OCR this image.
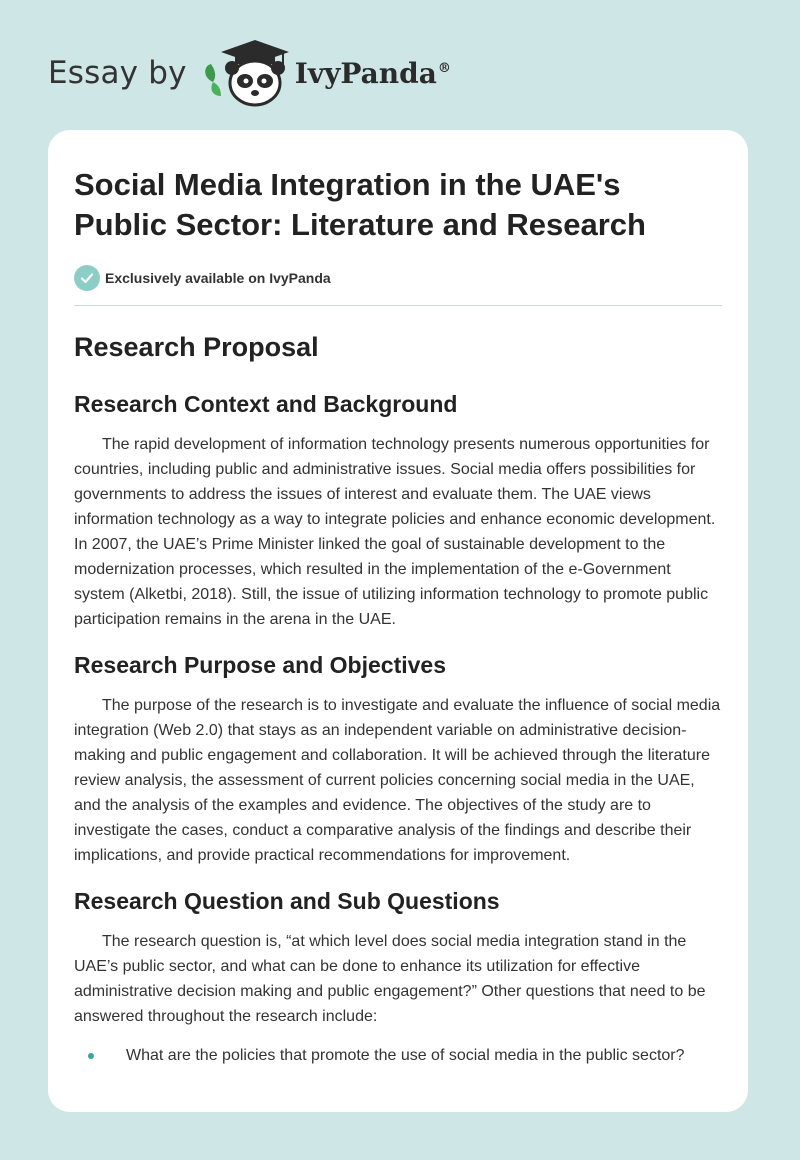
Essay by	IvyPanda®
Social Media Integration in the UAE's Public Sector: Literature and Research
Exclusively available on IvyPanda
Research Proposal
Research Context and Background

The rapid development of information technology presents numerous opportunities for countries, including public and administrative issues. Social media offers possibilities for governments to address the issues of interest and evaluate them. The UAE views information technology as a way to integrate policies and enhance economic development. In 2007, the UAE’s Prime Minister linked the goal of sustainable development to the modernization processes, which resulted in the implementation of the e-Government system (Alketbi, 2018). Still, the issue of utilizing information technology to promote public participation remains in the arena in the UAE.

Research Purpose and Objectives

The purpose of the research is to investigate and evaluate the influence of social media integration (Web 2.0) that stays as an independent variable on administrative decision-making and public engagement and collaboration. It will be achieved through the literature review analysis, the assessment of current policies concerning social media in the UAE, and the analysis of the examples and evidence. The objectives of the study are to investigate the cases, conduct a comparative analysis of the findings and describe their implications, and provide practical recommendations for improvement.

Research Question and Sub Questions

The research question is, “at which level does social media integration stand in the UAE’s public sector, and what can be done to enhance its utilization for effective administrative decision making and public engagement?” Other questions that need to be answered throughout the research include:

What are the policies that promote the use of social media in the public sector?
